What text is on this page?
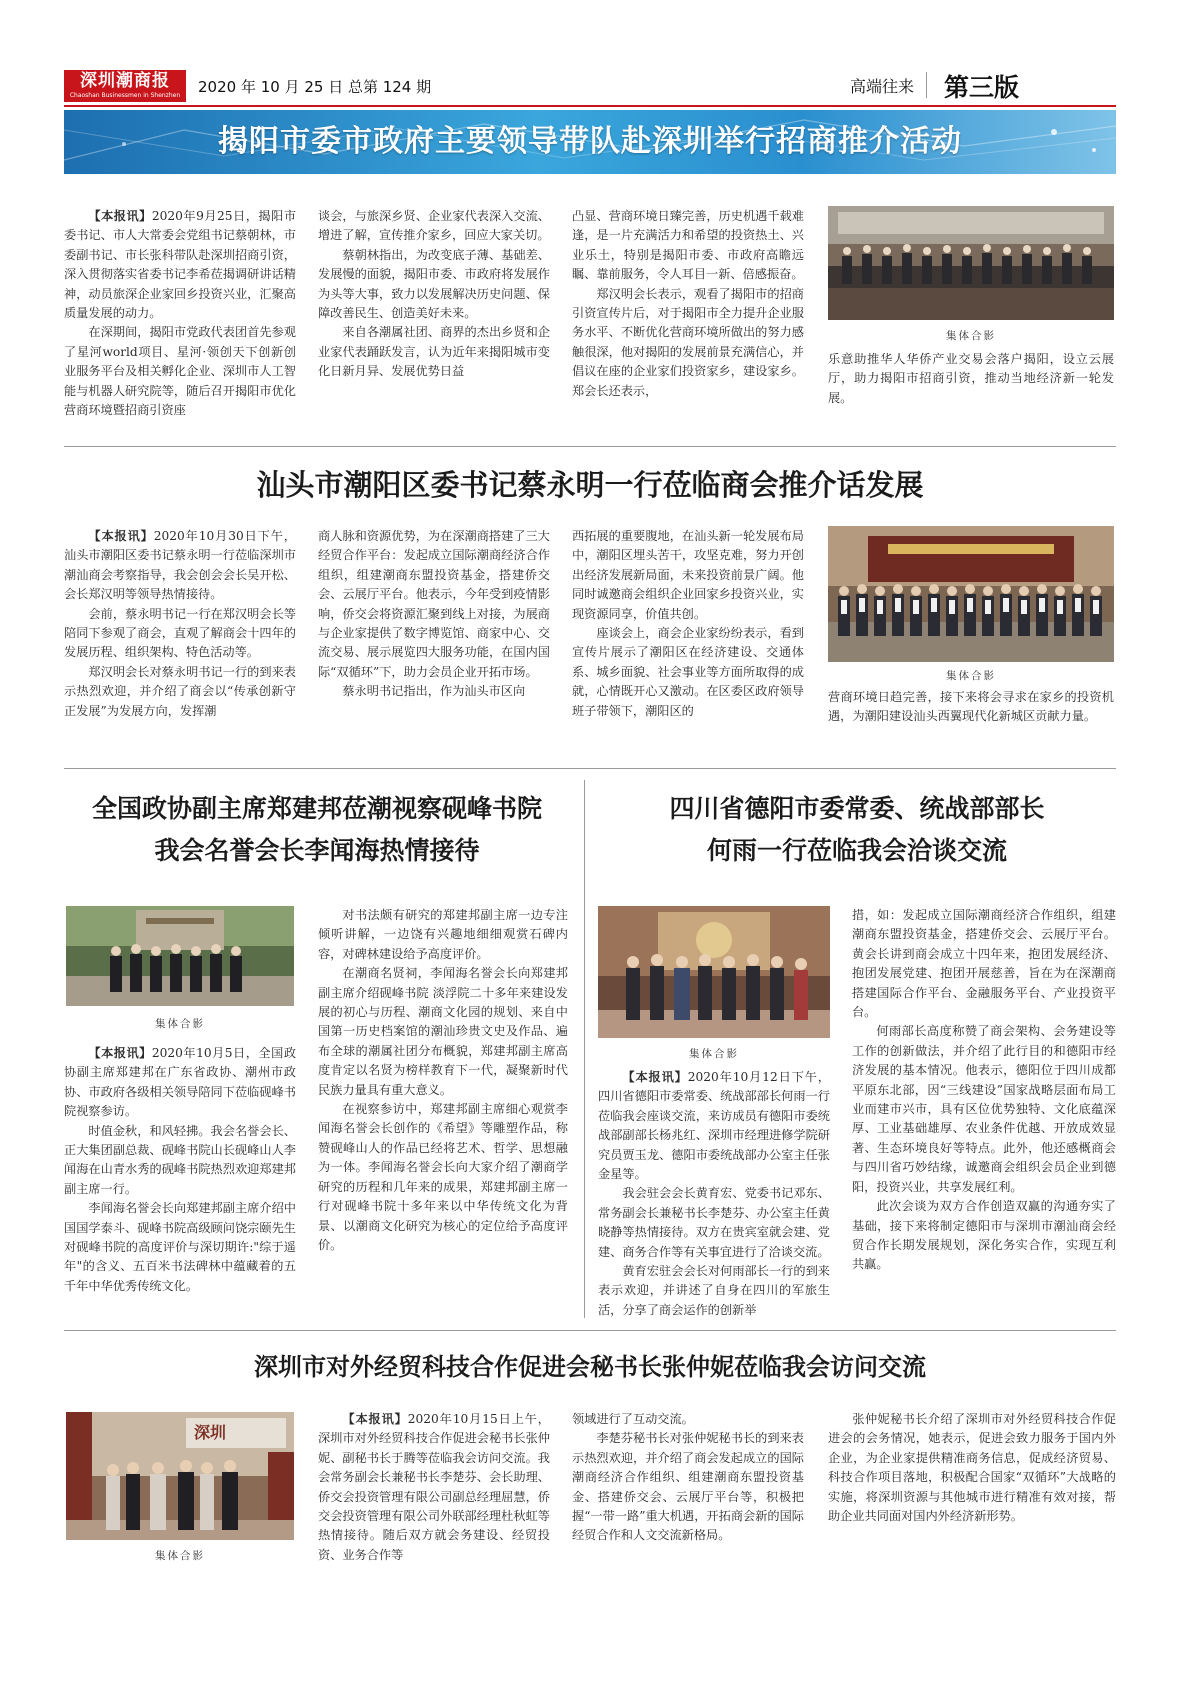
深圳潮商报
Chaoshan Businessmen in Shenzhen	2020 年 10 月 25 日 总第 124 期	高端往来 第三版
揭阳市委市政府主要领导带队赴深圳举行招商推介活动

【本报讯】2020年9月25日，揭阳市委书记、市人大常委会党组书记蔡朝林，市委副书记、市长张科带队赴深圳招商引资，深入贯彻落实省委书记李希莅揭调研讲话精神，动员旅深企业家回乡投资兴业，汇聚高质量发展的动力。
在深期间，揭阳市党政代表团首先参观了星河world项目、星河·领创天下创新创业服务平台及相关孵化企业、深圳市人工智能与机器人研究院等，随后召开揭阳市优化营商环境暨招商引资座

谈会，与旅深乡贤、企业家代表深入交流、增进了解，宣传推介家乡，回应大家关切。

蔡朝林指出，为改变底子薄、基础差、发展慢的面貌，揭阳市委、市政府将发展作为头等大事，致力以发展解决历史问题、保障改善民生、创造美好未来。

来自各潮属社团、商界的杰出乡贤和企业家代表踊跃发言，认为近年来揭阳城市变化日新月异、发展优势日益

凸显、营商环境日臻完善，历史机遇千载难逢，是一片充满活力和希望的投资热土、兴业乐土，特别是揭阳市委、市政府高瞻远瞩、靠前服务，令人耳目一新、倍感振奋。

郑汉明会长表示，观看了揭阳市的招商引资宣传片后，对于揭阳市全力提升企业服务水平、不断优化营商环境所做出的努力感触很深，他对揭阳的发展前景充满信心，并倡议在座的企业家们投资家乡，建设家乡。郑会长还表示，

集体合影

乐意助推华人华侨产业交易会落户揭阳，设立云展厅，助力揭阳市招商引资，推动当地经济新一轮发展。

汕头市潮阳区委书记蔡永明一行莅临商会推介话发展

【本报讯】2020年10月30日下午，汕头市潮阳区委书记蔡永明一行莅临深圳市潮汕商会考察指导，我会创会会长吴开松、会长郑汉明等领导热情接待。

会前，蔡永明书记一行在郑汉明会长等陪同下参观了商会，直观了解商会十四年的发展历程、组织架构、特色活动等。

郑汉明会长对蔡永明书记一行的到来表示热烈欢迎，并介绍了商会以“传承创新守正发展”为发展方向，发挥潮

商人脉和资源优势，为在深潮商搭建了三大经贸合作平台：发起成立国际潮商经济合作组织，组建潮商东盟投资基金，搭建侨交会、云展厅平台。他表示，今年受到疫情影响，侨交会将资源汇聚到线上对接，为展商与企业家提供了数字博览馆、商家中心、交流交易、展示展览四大服务功能，在国内国际“双循环”下，助力会员企业开拓市场。

蔡永明书记指出，作为汕头市区向

西拓展的重要腹地，在汕头新一轮发展布局中，潮阳区埋头苦干，攻坚克难，努力开创出经济发展新局面，未来投资前景广阔。他同时诚邀商会组织企业回家乡投资兴业，实现资源同享，价值共创。

座谈会上，商会企业家纷纷表示，看到宣传片展示了潮阳区在经济建设、交通体系、城乡面貌、社会事业等方面所取得的成就，心情既开心又激动。在区委区政府领导班子带领下，潮阳区的

集体合影

营商环境日趋完善，接下来将会寻求在家乡的投资机遇，为潮阳建设汕头西翼现代化新城区贡献力量。

全国政协副主席郑建邦莅潮视察砚峰书院
我会名誉会长李闻海热情接待
集体合影

【本报讯】2020年10月5日，全国政协副主席郑建邦在广东省政协、潮州市政协、市政府各级相关领导陪同下莅临砚峰书院视察参访。

时值金秋，和风轻拂。我会名誉会长、正大集团副总裁、砚峰书院山长砚峰山人李闻海在山青水秀的砚峰书院热烈欢迎郑建邦副主席一行。

李闻海名誉会长向郑建邦副主席介绍中国国学泰斗、砚峰书院高级顾问饶宗颐先生对砚峰书院的高度评价与深切期许:"综于遥年"的含义、五百米书法碑林中蕴藏着的五千年中华优秀传统文化。

对书法颇有研究的郑建邦副主席一边专注倾听讲解，一边饶有兴趣地细细观赏石碑内容，对碑林建设给予高度评价。

在潮商名贤祠，李闻海名誉会长向郑建邦副主席介绍砚峰书院 淡浮院二十多年来建设发展的初心与历程、潮商文化园的规划、来自中国第一历史档案馆的潮汕珍贵文史及作品、遍布全球的潮属社团分布概貌，郑建邦副主席高度肯定以名贤为榜样教育下一代，凝聚新时代民族力量具有重大意义。

在视察参访中，郑建邦副主席细心观赏李闻海名誉会长创作的《希望》等雕塑作品，称赞砚峰山人的作品已经将艺术、哲学、思想融为一体。李闻海名誉会长向大家介绍了潮商学研究的历程和几年来的成果，郑建邦副主席一行对砚峰书院十多年来以中华传统文化为背景、以潮商文化研究为核心的定位给予高度评价。

四川省德阳市委常委、统战部部长
何雨一行莅临我会洽谈交流
集体合影

【本报讯】2020年10月12日下午，四川省德阳市委常委、统战部部长何雨一行莅临我会座谈交流，来访成员有德阳市委统战部副部长杨兆红、深圳市经理进修学院研究员贾玉龙、德阳市委统战部办公室主任张金星等。

我会驻会会长黄育宏、党委书记邓东、常务副会长兼秘书长李楚芬、办公室主任黄晓静等热情接待。双方在贵宾室就会建、党建、商务合作等有关事宜进行了洽谈交流。

黄育宏驻会会长对何雨部长一行的到来表示欢迎，并讲述了自身在四川的军旅生活，分享了商会运作的创新举

措，如：发起成立国际潮商经济合作组织，组建潮商东盟投资基金，搭建侨交会、云展厅平台。黄会长讲到商会成立十四年来，抱团发展经济、抱团发展党建、抱团开展慈善，旨在为在深潮商搭建国际合作平台、金融服务平台、产业投资平台。

何雨部长高度称赞了商会架构、会务建设等工作的创新做法，并介绍了此行目的和德阳市经济发展的基本情况。他表示，德阳位于四川成都平原东北部，因“三线建设”国家战略层面布局工业而建市兴市，具有区位优势独特、文化底蕴深厚、工业基础雄厚、农业条件优越、开放成效显著、生态环境良好等特点。此外，他还感概商会与四川省巧妙结缘，诚邀商会组织会员企业到德阳，投资兴业，共享发展红利。

此次会谈为双方合作创造双赢的沟通夯实了基础，接下来将制定德阳市与深圳市潮汕商会经贸合作长期发展规划，深化务实合作，实现互利共赢。

深圳市对外经贸科技合作促进会秘书长张仲妮莅临我会访问交流
深圳
集体合影

【本报讯】2020年10月15日上午，深圳市对外经贸科技合作促进会秘书长张仲妮、副秘书长于腾等莅临我会访问交流。我会常务副会长兼秘书长李楚芬、会长助理、侨交会投资管理有限公司副总经理屈慧，侨交会投资管理有限公司外联部经理杜秋虹等热情接待。随后双方就会务建设、经贸投资、业务合作等

领域进行了互动交流。

李楚芬秘书长对张仲妮秘书长的到来表示热烈欢迎，并介绍了商会发起成立的国际潮商经济合作组织、组建潮商东盟投资基金、搭建侨交会、云展厅平台等，积极把握“一带一路”重大机遇，开拓商会新的国际经贸合作和人文交流新格局。

张仲妮秘书长介绍了深圳市对外经贸科技合作促进会的会务情况，她表示，促进会致力服务于国内外企业，为企业家提供精准商务信息，促成经济贸易、科技合作项目落地，积极配合国家“双循环”大战略的实施，将深圳资源与其他城市进行精准有效对接，帮助企业共同面对国内外经济新形势。
